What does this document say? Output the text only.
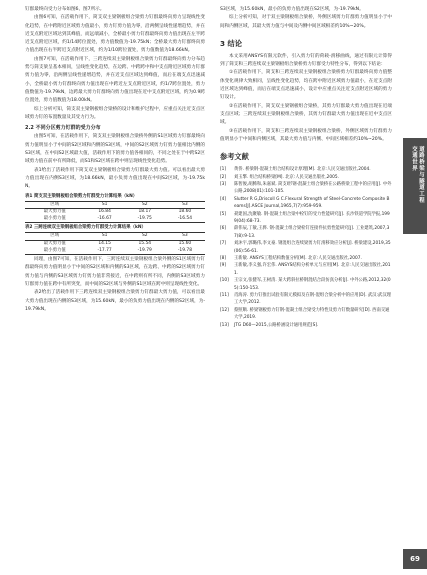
钉群最终向受力分布如图6、图7所示。

由图6可知，在活载作用下，简支双主梁钢板组合梁剪力钉群最终向剪力呈现线性变化趋势，在中跨附近区域剪力值最小，剪力钉剪力值为零，沿两侧呈线性递增趋势，并在近支点附近区域达到其峰值，而远端减小，全桥最小剪力钉群最终向剪力值出现在左半跨近支点附近区域，约1/14跨位置处，剪力值数值为-19.75kN；全桥最大剪力钉群终向剪力值出现在右半跨近支点附近区域，约为1/10跨位置处，剪力值数值为18.66kN。

由图7可知，在活载作用下，三跨连续双主梁钢板组合梁剪力钉群最终向剪力分布趋势与简支梁呈基本相同，呈线性变化趋势，在边跨、中跨跨中和中支点附近区域剪力钉群剪力值为零，沿两侧呈线性递增趋势，并在近支点区域达到峰值，而后在端支点迅速减小，全桥最小剪力钉群终向剪力值出现在中跨近左支点附近区域，约1/7跨位置处，剪力值数值为-19.79kN，边跨最大剪力钉群终向剪力值出现在近中支点附近区域，约为0.9跨位置处，剪力值数值为18.00kN。

综上分析可知，简支双主梁钢板组合梁桥的设计和维护过程中，应重点关注近支点区域剪力钉的布置数量及其受力行为。

2.2 不同分区剪力钉群的受力分布

由图5可知，在活载作用下，简支双主梁钢板组合梁桥外侧的S1区域剪力钉群最终向剪力值明显小于中间的S2区域和内侧的S3区域，中间的S2区域剪力钉剪力值相比内侧的S3区域，在中间S2区域最大值，活载作用下的剪力值各相同的，不同之处在于中跨S2区域剪力值在前中有所降低，而S1和S2区域在跨中则呈现线性变化趋势。

表1给出了活载作用下简支双主梁钢板组合梁剪力钉群最大剪力值。可以看出最大剪力值出现在内侧S3区域，为18.66kN，最小负剪力值出现在中间S2区域，为-19.75kN。

表1 简支双主梁钢板组合梁剪力钉群受力计算结果（kN）

区域	S1	S2	S3
最大剪力值	16.84	18.17	18.60
最小剪力值	-16.67	-19.75	-16.54

表2 三跨连续双主梁钢板组合梁剪力钉群受力计算结果（kN）

区域	S1	S2	S3
最大剪力值	14.15	15.54	15.60
最小剪力值	-17.77	-19.79	-19.78

同理，由图7可知，在活载作用下，三跨连续双主梁钢板组合梁外侧的S1区域剪力钉群最终向剪力值明显小于中间的S2区域和内侧的S3区域，在边跨、中跨的S2区域剪力钉剪力值与内侧的S3区域剪力钉剪力值非常接近，在中跨则有所不同，内侧的S3区域剪力钉群剪力值在跨中有所突变，而中间的S2区域与外侧的S1区域在跨中则呈现线性变化。

表2给出了活载作用下三跨连续双主梁钢板组合梁剪力钉群最大剪力值，可以看出最大剪力值出现在内侧的S3区域，为15.60kN，最小的负剪力值出现在内侧的S2区域，为-19.79kN。

S3区域，为15.60kN，最小的负剪力值出现在S2区域，为-19.79kN。

综上分析可知，对于双主梁钢板组合梁桥，外侧区域剪力钉群剪力值明显小于中间和内侧区域，其最大剪力值与中间及内侧中间区域相差约10%~20%。

3 结论

本文采用ANSYS有限元软件，引入剪力钉的荷载-滑移曲线，通过有限元计算得到了简支和三跨连续双主梁钢板组合梁桥剪力钉群受力特性分布，得到以下结论：

①在活载作用下，简支和三跨连续双主梁钢板组合梁桥剪力钉群最终向剪力值整体变化规律大致相同，呈线性变化趋势，均在跨中附近区域剪力值最小，在近支点附近区域达到峰值，而后在端支点迅速减小，设计中应重点关注近支点附近区域的剪力钉设计。

②在活载作用下，简支双主梁钢板组合梁桥，其剪力钉群最大剪力值出现在近端支点区域；三跨连续双主梁钢板组合梁桥，其剪力钉群最大剪力值出现在近中支点区域。

③在活载作用下，简支和三跨连续双主梁钢板组合梁桥，外侧区域剪力钉群剪力值明显小于中间和内侧区域，其最大剪力值与内侧、中间区域相差约10%~20%。

参考文献
[1]	黄侨. 桥梁钢-混凝土组合结构设计原理[M]. 北京:人民交通出版社,2004.
[2]	刘玉擎. 组合结构桥梁[M]. 北京:人民交通出版社,2005.
[3]	陈智俊,胡腾和,朱嘉斌. 简支I形钢-混凝土组合梁桥在公路桥梁工程中的应用[J]. 中外公路,2008(01):101-105.
[4]	Slutter R G,Driscoll G C.Flexural Strength of Steel-Concrete Composite Beams[J].ASCE Journal,1965,7(7):959-959.
[5]	聂建国,沈聚敏. 钢-混凝土组合梁中栓钉的受力性能研究[J]. 长沙铁道学院学报,1999(04):68-73.
[6]	薛伟辰,丁敏,王骅. 钢-混凝土组合梁栓钉连接件抗剪性能研究[J]. 工业建筑,2007,37(8):9-13.
[7]	刘沐宇,郭璐伟,李文豪. 钢混组合连续梁剪力钉滑移效应分析[J]. 桥梁建设,2019,35(06):56-61.
[8]	王新敏. ANSYS工程结构数值分析[M]. 北京:人民交通出版社,2007.
[9]	王新敏,李义强,许宏伟. ANSYS结构分析单元与应用[M]. 北京:人民交通出版社,2011.
[10]	王宗文,张健军,王树清. 某大跨斜拉桥钢混结合段仿真分析[J]. 中外公路,2012,32(05):150-153.
[11]	肖海涛. 剪力钉推出试验有限元模拟及在钢-混组合梁分析中的应用[D]. 武汉:武汉理工大学,2012.
[12]	蔡照顺. 桥梁钢板剪力钉钢-混凝土组合梁受力特性及剪力钉数量研究[D]. 西南交通大学,2019.
[13]	JTG D60—2015,公路桥涵设计通用规范[S].
交通世界 道路桥梁与隧道工程
69
